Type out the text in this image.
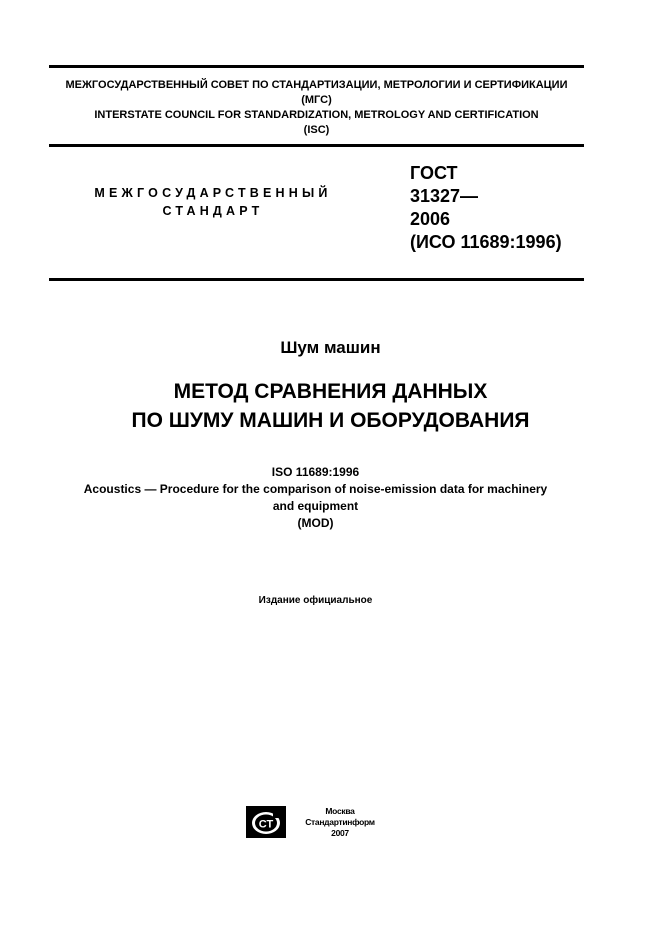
МЕЖГОСУДАРСТВЕННЫЙ СОВЕТ ПО СТАНДАРТИЗАЦИИ, МЕТРОЛОГИИ И СЕРТИФИКАЦИИ
(МГС)
INTERSTATE COUNCIL FOR STANDARDIZATION, METROLOGY AND CERTIFICATION
(ISC)
МЕЖГОСУДАРСТВЕННЫЙ
СТАНДАРТ
ГОСТ
31327—
2006
(ИСО 11689:1996)
Шум машин
МЕТОД СРАВНЕНИЯ ДАННЫХ
ПО ШУМУ МАШИН И ОБОРУДОВАНИЯ
ISO 11689:1996
Acoustics — Procedure for the comparison of noise-emission data for machinery
and equipment
(MOD)
Издание официальное
СТ
Москва
Стандартинформ
2007
